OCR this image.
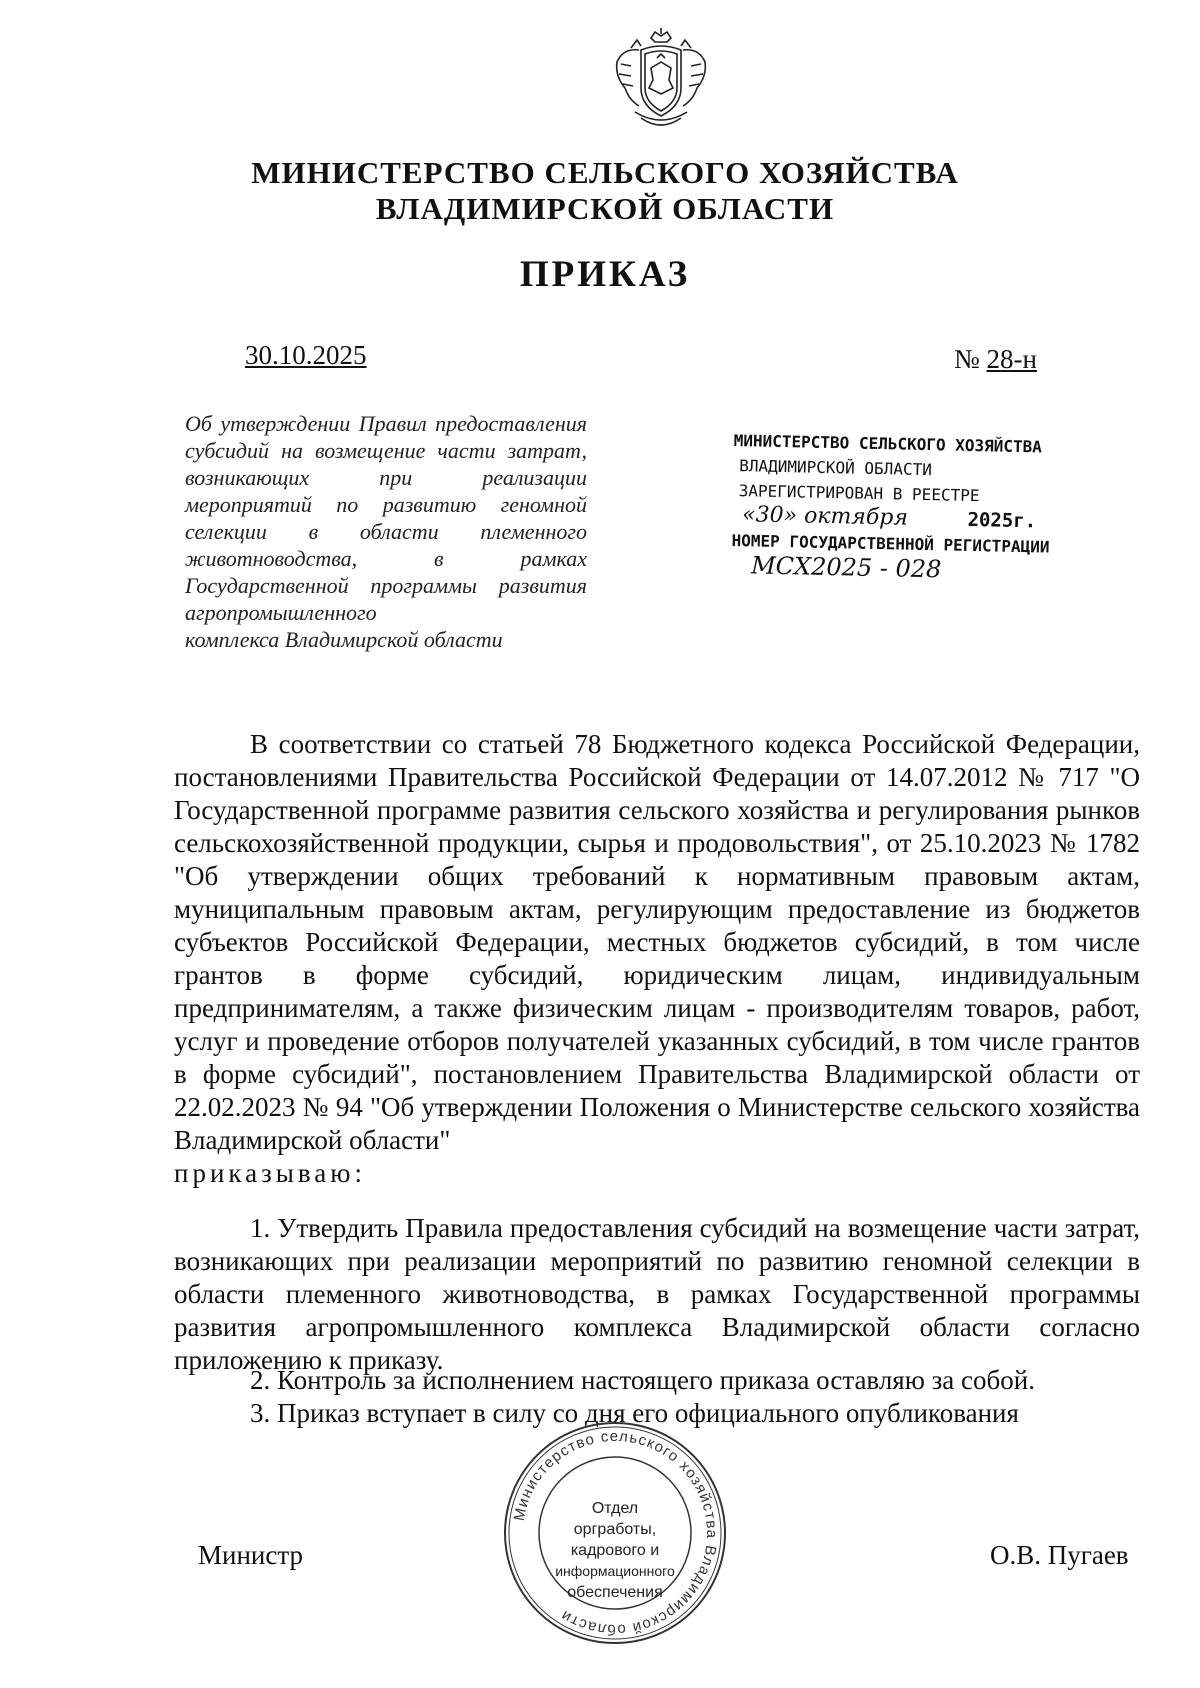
МИНИСТЕРСТВО СЕЛЬСКОГО ХОЗЯЙСТВА
ВЛАДИМИРСКОЙ ОБЛАСТИ
ПРИКАЗ
30.10.2025	№ 28-н
Об утверждении Правил предоставления субсидий на возмещение части затрат, возникающих при реализации мероприятий по развитию геномной селекции в области племенного животноводства, в рамках Государственной программы развития агропромышленного
комплекса Владимирской области
МИНИСТЕРСТВО СЕЛЬСКОГО ХОЗЯЙСТВА
ВЛАДИМИРСКОЙ ОБЛАСТИ
ЗАРЕГИСТРИРОВАН В РЕЕСТРЕ
«30» октября	2025г.
НОМЕР ГОСУДАРСТВЕННОЙ РЕГИСТРАЦИИ
МСХ2025 - 028
В соответствии со статьей 78 Бюджетного кодекса Российской Федерации, постановлениями Правительства Российской Федерации от 14.07.2012 № 717 "О Государственной программе развития сельского хозяйства и регулирования рынков сельскохозяйственной продукции, сырья и продовольствия", от 25.10.2023 № 1782 "Об утверждении общих требований к нормативным правовым актам, муниципальным правовым актам, регулирующим предоставление из бюджетов субъектов Российской Федерации, местных бюджетов субсидий, в том числе грантов в форме субсидий, юридическим лицам, индивидуальным предпринимателям, а также физическим лицам - производителям товаров, работ, услуг и проведение отборов получателей указанных субсидий, в том числе грантов в форме субсидий", постановлением Правительства Владимирской области от 22.02.2023 № 94 "Об утверждении Положения о Министерстве сельского хозяйства Владимирской области"
приказываю:
1. Утвердить Правила предоставления субсидий на возмещение части затрат, возникающих при реализации мероприятий по развитию геномной селекции в области племенного животноводства, в рамках Государственной программы развития агропромышленного комплекса Владимирской области согласно приложению к приказу.
2. Контроль за исполнением настоящего приказа оставляю за собой.
3. Приказ вступает в силу со дня его официального опубликования
Министр	О.В. Пугаев
Министерство сельского хозяйства Владимирской области
Отдел
оргработы,
кадрового и
информационного
обеспечения
